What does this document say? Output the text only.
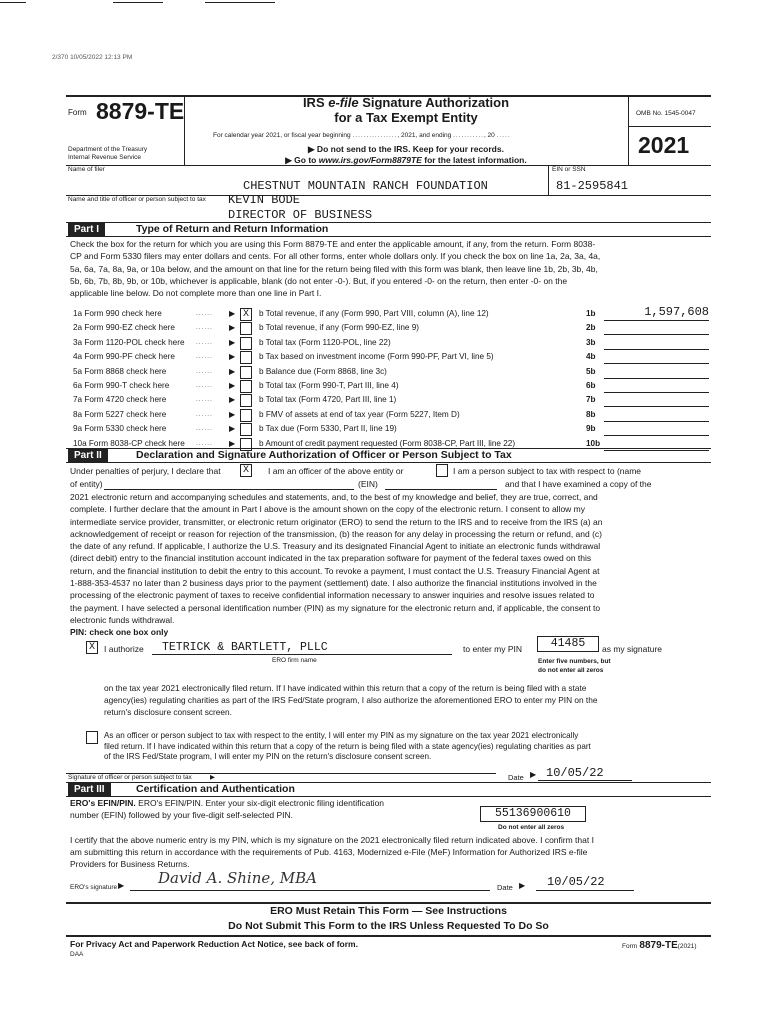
2/370 10/05/2022 12:13 PM
Form 8879-TE	IRS e-file Signature Authorization
for a Tax Exempt Entity
For calendar year 2021, or fiscal year beginning ................, 2021, and ending ..........., 20 .....
▶ Do not send to the IRS. Keep for your records.
▶ Go to www.irs.gov/Form8879TE for the latest information.
OMB No. 1545-0047
2021
Department of the Treasury
Internal Revenue Service
Name of filer	EIN or SSN
CHESTNUT MOUNTAIN RANCH FOUNDATION	81-2595841
Name and title of officer or person subject to tax KEVIN BODE
DIRECTOR OF BUSINESS
Part I	Type of Return and Return Information
Check the box for the return for which you are using this Form 8879-TE and enter the applicable amount, if any, from the return. Form 8038-
CP and Form 5330 filers may enter dollars and cents. For all other forms, enter whole dollars only. If you check the box on line 1a, 2a, 3a, 4a,
5a, 6a, 7a, 8a, 9a, or 10a below, and the amount on that line for the return being filed with this form was blank, then leave line 1b, 2b, 3b, 4b,
5b, 6b, 7b, 8b, 9b, or 10b, whichever is applicable, blank (do not enter -0-). But, if you entered -0- on the return, then enter -0- on the
applicable line below. Do not complete more than one line in Part I.
1a Form 990 check here	...... ▶ X	b Total revenue, if any (Form 990, Part VIII, column (A), line 12)	1b	1,597,608
2a Form 990-EZ check here	...... ▶	b Total revenue, if any (Form 990-EZ, line 9)	2b
3a Form 1120-POL check here ...... ▶	b Total tax (Form 1120-POL, line 22)	3b
4a Form 990-PF check here	...... ▶	b Tax based on investment income (Form 990-PF, Part VI, line 5)	4b
5a Form 8868 check here	...... ▶	b Balance due (Form 8868, line 3c)	5b
6a Form 990-T check here	...... ▶	b Total tax (Form 990-T, Part III, line 4)	6b
7a Form 4720 check here	...... ▶	b Total tax (Form 4720, Part III, line 1)	7b
8a Form 5227 check here	...... ▶	b FMV of assets at end of tax year (Form 5227, Item D)	8b
9a Form 5330 check here	...... ▶	b Tax due (Form 5330, Part II, line 19)	9b
10a Form 8038-CP check here ...... ▶	b Amount of credit payment requested (Form 8038-CP, Part III, line 22)	10b
Part II	Declaration and Signature Authorization of Officer or Person Subject to Tax
Under penalties of perjury, I declare that X	I am an officer of the above entity or	I am a person subject to tax with respect to (name
of entity)	(EIN)	and that I have examined a copy of the
2021 electronic return and accompanying schedules and statements, and, to the best of my knowledge and belief, they are true, correct, and
complete. I further declare that the amount in Part I above is the amount shown on the copy of the electronic return. I consent to allow my
intermediate service provider, transmitter, or electronic return originator (ERO) to send the return to the IRS and to receive from the IRS (a) an
acknowledgement of receipt or reason for rejection of the transmission, (b) the reason for any delay in processing the return or refund, and (c)
the date of any refund. If applicable, I authorize the U.S. Treasury and its designated Financial Agent to initiate an electronic funds withdrawal
(direct debit) entry to the financial institution account indicated in the tax preparation software for payment of the federal taxes owed on this
return, and the financial institution to debit the entry to this account. To revoke a payment, I must contact the U.S. Treasury Financial Agent at
1-888-353-4537 no later than 2 business days prior to the payment (settlement) date. I also authorize the financial institutions involved in the
processing of the electronic payment of taxes to receive confidential information necessary to answer inquiries and resolve issues related to
the payment. I have selected a personal identification number (PIN) as my signature for the electronic return and, if applicable, the consent to
electronic funds withdrawal.
PIN: check one box only
X	I authorize TETRICK & BARTLETT, PLLC
ERO firm name
to enter my PIN	41485	as my signature
Enter five numbers, but
do not enter all zeros
on the tax year 2021 electronically filed return. If I have indicated within this return that a copy of the return is being filed with a state
agency(ies) regulating charities as part of the IRS Fed/State program, I also authorize the aforementioned ERO to enter my PIN on the
return's disclosure consent screen.
As an officer or person subject to tax with respect to the entity, I will enter my PIN as my signature on the tax year 2021 electronically
filed return. If I have indicated within this return that a copy of the return is being filed with a state agency(ies) regulating charities as part
of the IRS Fed/State program, I will enter my PIN on the return's disclosure consent screen.
Signature of officer or person subject to tax	▶	Date ▶ 10/05/22
Part III	Certification and Authentication
ERO's EFIN/PIN. ERO's EFIN/PIN. Enter your six-digit electronic filing identification
number (EFIN) followed by your five-digit self-selected PIN.	55136900610
Do not enter all zeros
I certify that the above numeric entry is my PIN, which is my signature on the 2021 electronically filed return indicated above. I confirm that I
am submitting this return in accordance with the requirements of Pub. 4163, Modernized e-File (MeF) Information for Authorized IRS e-file
Providers for Business Returns.
ERO's signature ▶ David A. Shine, MBA
Date ▶ 10/05/22
ERO Must Retain This Form — See Instructions
Do Not Submit This Form to the IRS Unless Requested To Do So
For Privacy Act and Paperwork Reduction Act Notice, see back of form.
DAA
Form 8879-TE(2021)
